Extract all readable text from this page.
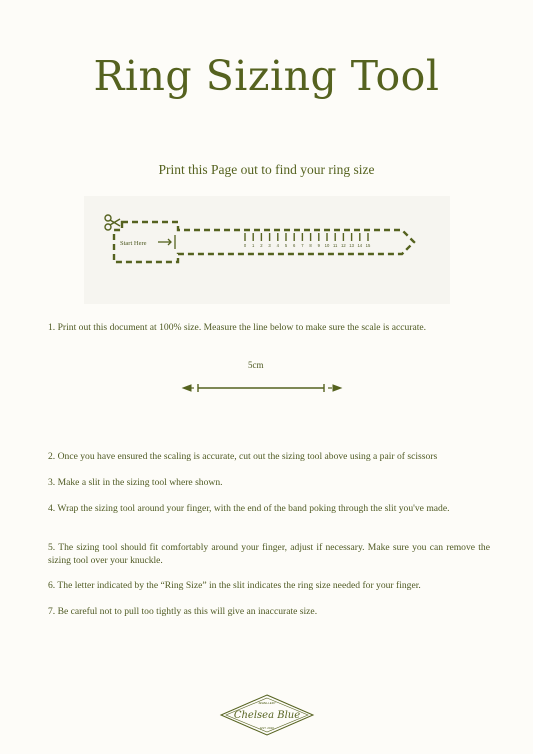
Ring Sizing Tool
Print this Page out to find your ring size
Start Here	0 1 2 3 4 5 6 7 8 9 10 11 12 13 14 15
1. Print out this document at 100% size. Measure the line below to make sure the scale is accurate.
5cm
2. Once you have ensured the scaling is accurate, cut out the sizing tool above using a pair of scissors
3. Make a slit in the sizing tool where shown.
4. Wrap the sizing tool around your finger, with the end of the band poking through the slit you've made.
5. The sizing tool should fit comfortably around your finger, adjust if necessary. Make sure you can remove the sizing tool over your knuckle.
6. The letter indicated by the “Ring Size” in the slit indicates the ring size needed for your finger.
7. Be careful not to pull too tightly as this will give an inaccurate size.
JEWELLERY
Chelsea Blue
EST. 2020
